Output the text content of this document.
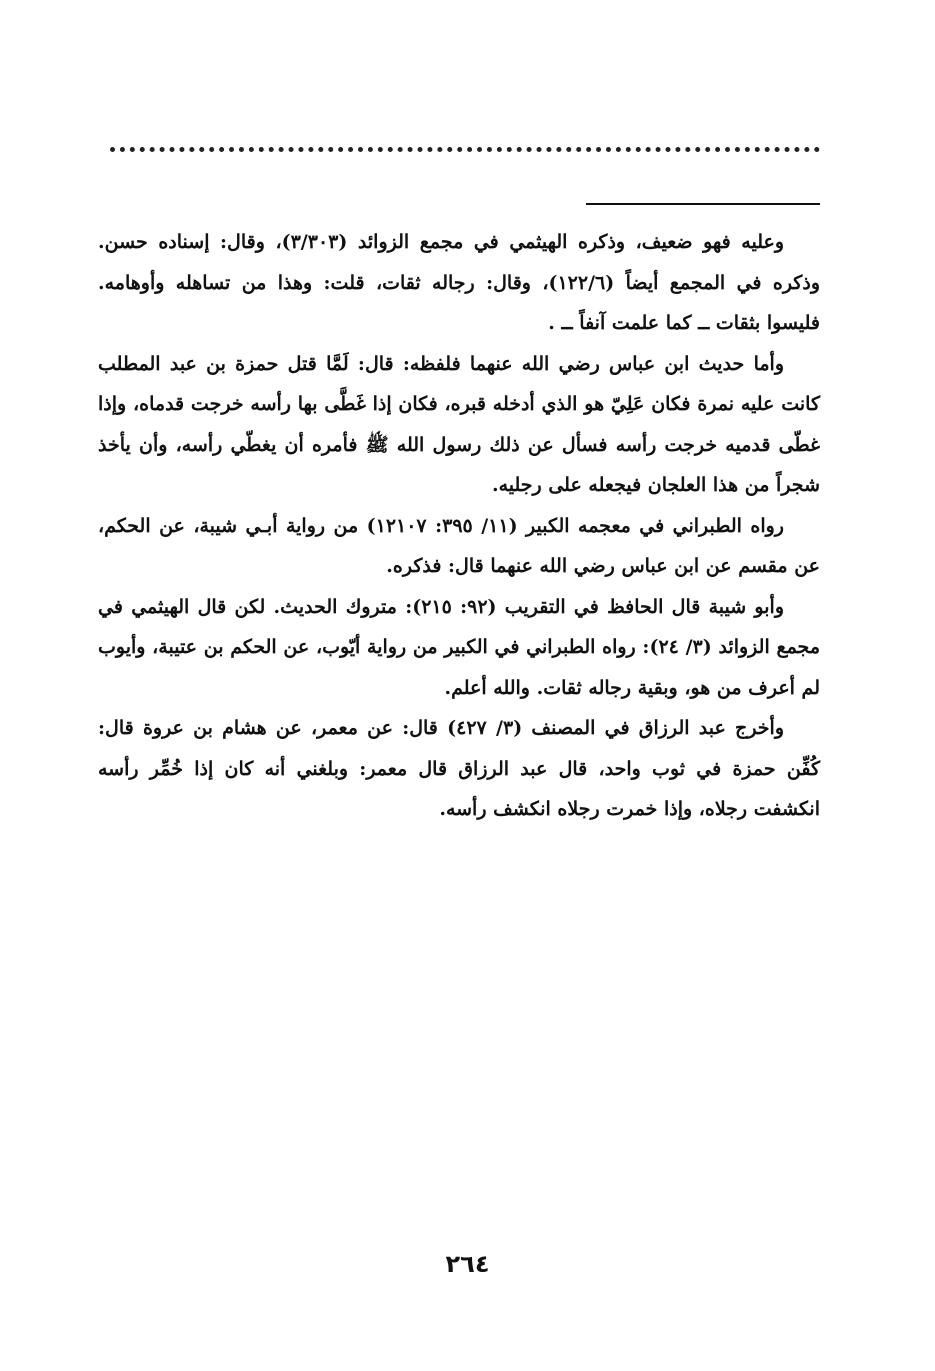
وعليه فهو ضعيف، وذكره الهيثمي في مجمع الزوائد (٣/٣٠٣)، وقال: إسناده حسن. وذكره في المجمع أيضاً (١٢٢/٦)، وقال: رجاله ثقات، قلت: وهذا من تساهله وأوهامه. فليسوا بثقات ــ كما علمت آنفاً ــ .

وأما حديث ابن عباس رضي الله عنهما فلفظه: قال: لَمَّا قتل حمزة بن عبد المطلب كانت عليه نمرة فكان عَلِيّ هو الذي أدخله قبره، فكان إذا غَطَّى بها رأسه خرجت قدماه، وإذا غطّى قدميه خرجت رأسه فسأل عن ذلك رسول الله ﷺ فأمره أن يغطّي رأسه، وأن يأخذ شجراً من هذا العلجان فيجعله على رجليه.

رواه الطبراني في معجمه الكبير (١١/ ٣٩٥: ١٢١٠٧) من رواية أبـي شيبة، عن الحكم، عن مقسم عن ابن عباس رضي الله عنهما قال: فذكره.

وأبو شيبة قال الحافظ في التقريب (٩٢: ٢١٥): متروك الحديث. لكن قال الهيثمي في مجمع الزوائد (٣/ ٢٤): رواه الطبراني في الكبير من رواية أيّوب، عن الحكم بن عتيبة، وأيوب لم أعرف من هو، وبقية رجاله ثقات. والله أعلم.

وأخرج عبد الرزاق في المصنف (٣/ ٤٢٧) قال: عن معمر، عن هشام بن عروة قال: كُفِّن حمزة في ثوب واحد، قال عبد الرزاق قال معمر: وبلغني أنه كان إذا خُمِّر رأسه انكشفت رجلاه، وإذا خمرت رجلاه انكشف رأسه.

٢٦٤
